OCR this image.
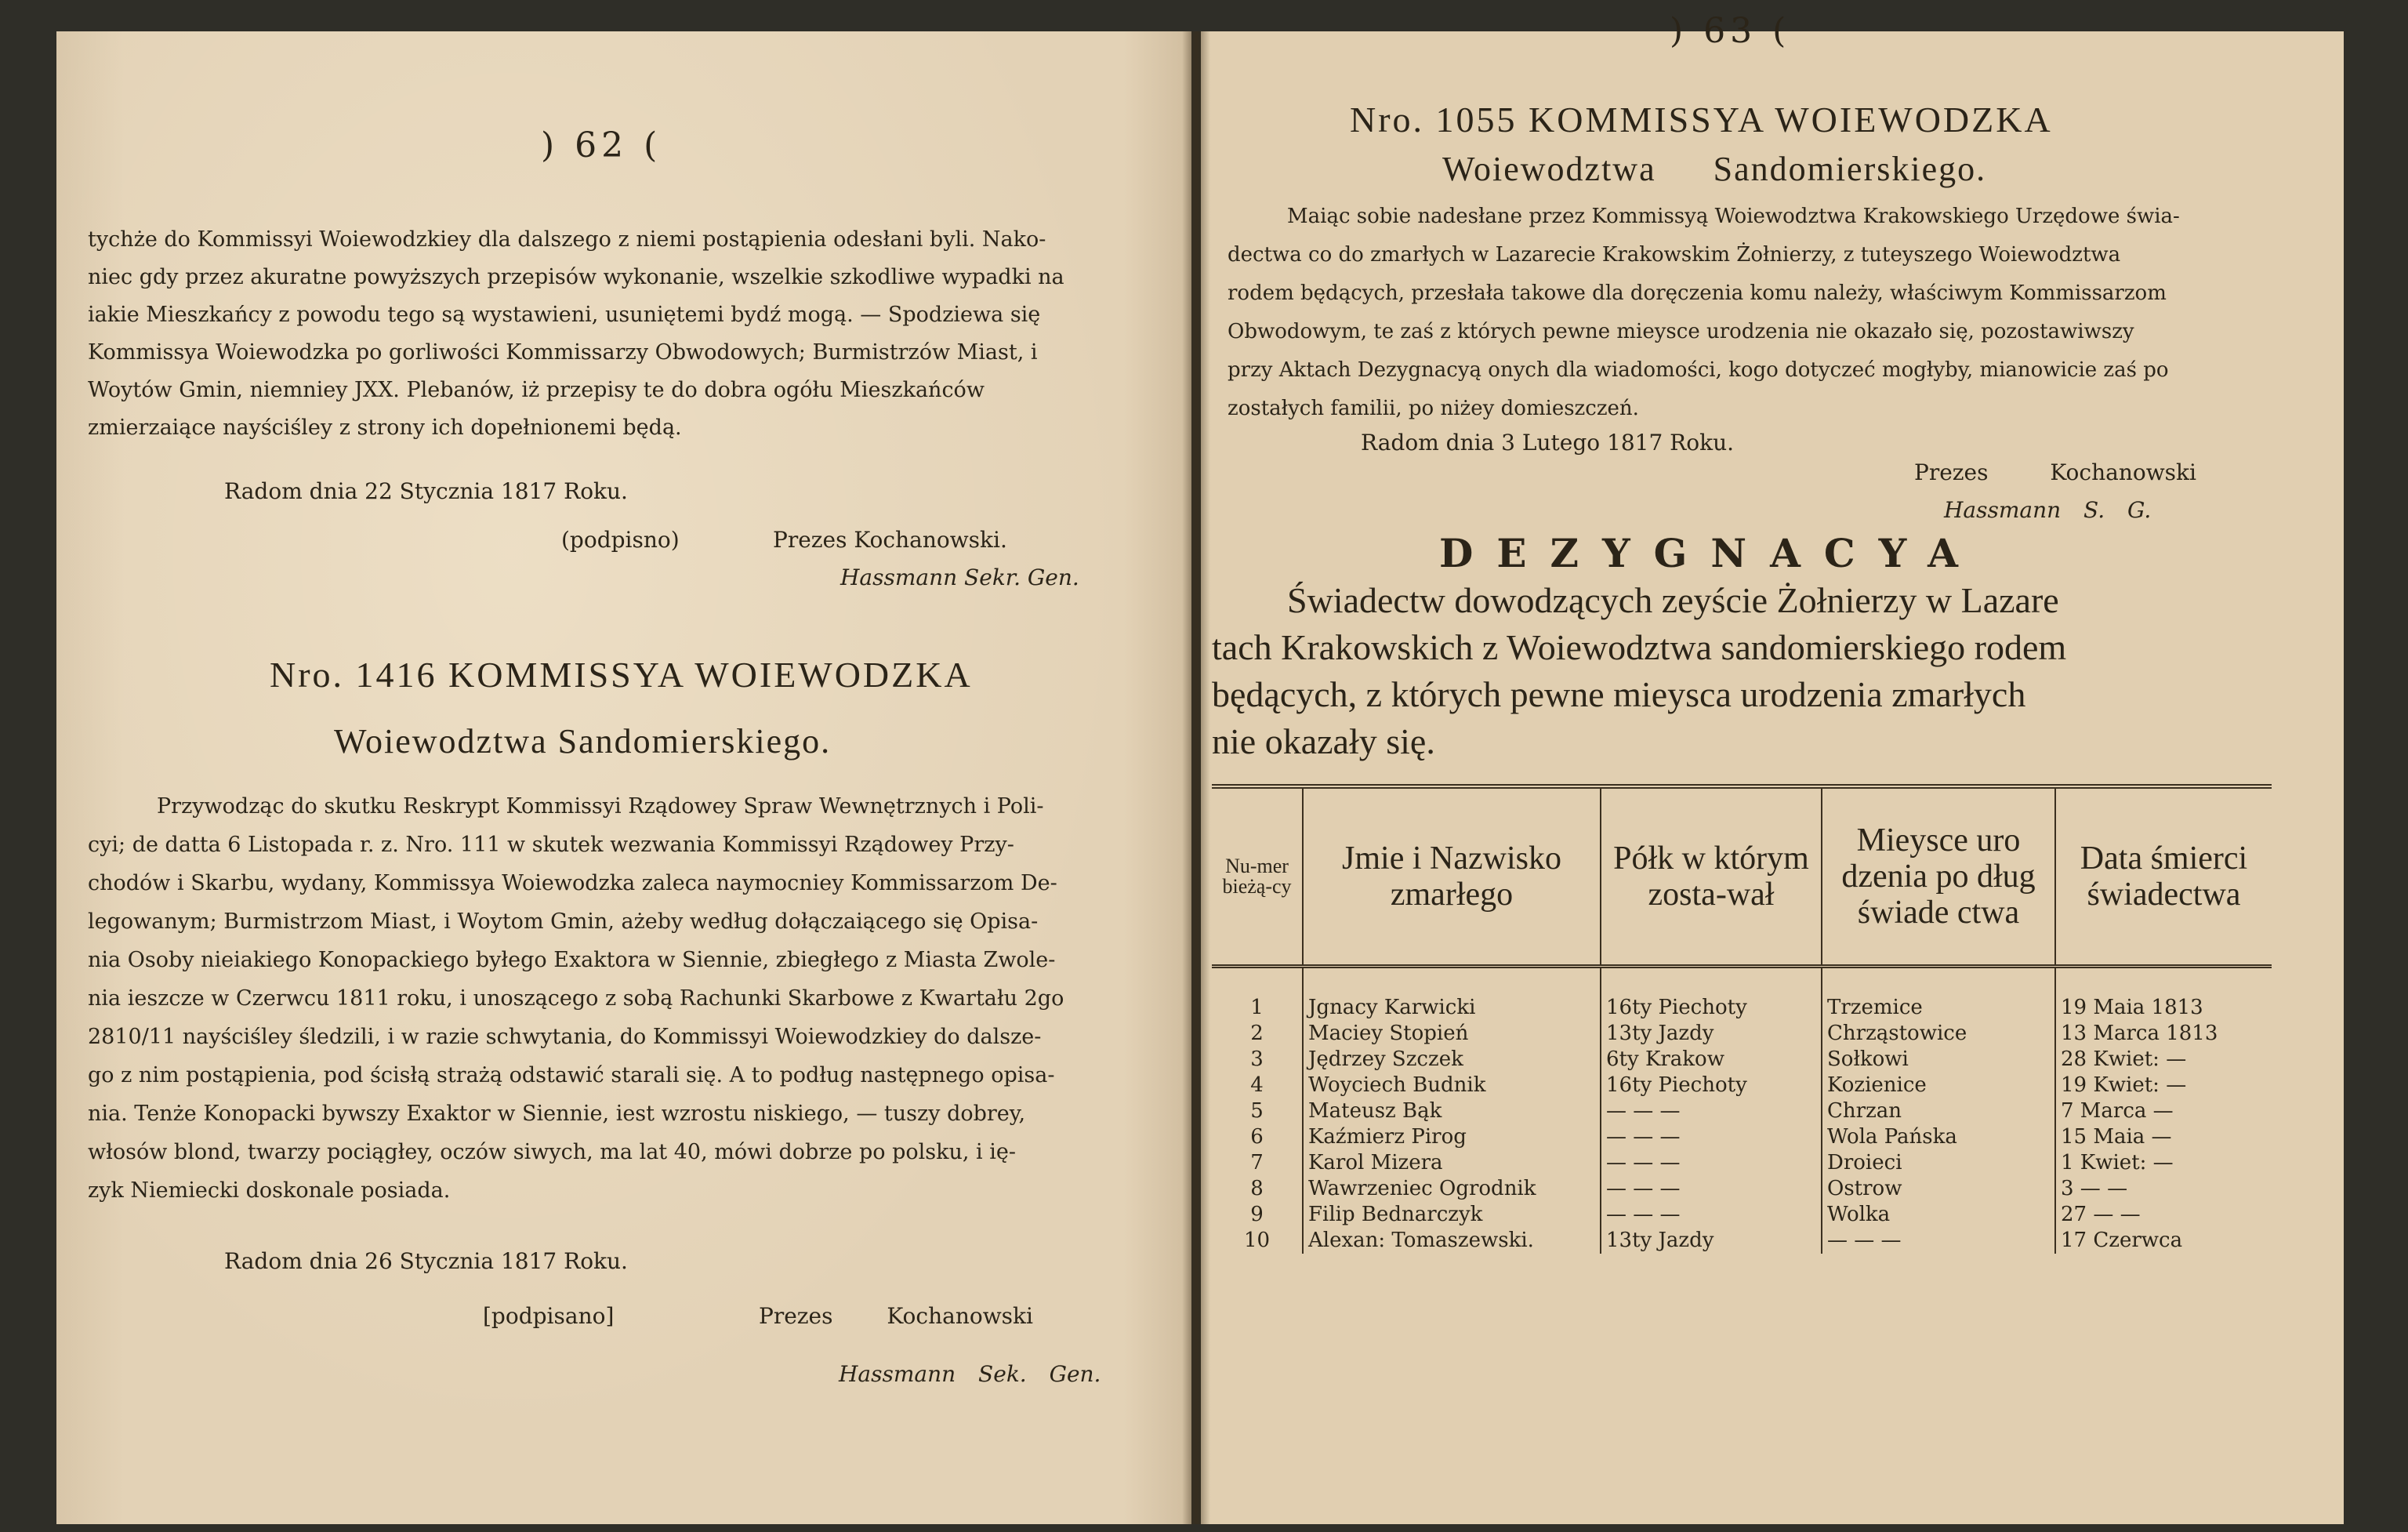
) 62 (
tychże do Kommissyi Woiewodzkiey dla dalszego z niemi postąpienia odesłani byli. Nako-
niec gdy przez akuratne powyższych przepisów wykonanie, wszelkie szkodliwe wypadki na
iakie Mieszkańcy z powodu tego są wystawieni, usuniętemi bydź mogą. — Spodziewa się
Kommissya Woiewodzka po gorliwości Kommissarzy Obwodowych; Burmistrzów Miast, i
Woytów Gmin, niemniey JXX. Plebanów, iż przepisy te do dobra ogółu Mieszkańców
zmierzaiące nayściśley z strony ich dopełnionemi będą.
Radom dnia 22 Stycznia 1817 Roku.
(podpisno)	Prezes Kochanowski.
Hassmann Sekr. Gen.
Nro. 1416 KOMMISSYA WOIEWODZKA
Woiewodztwa Sandomierskiego.
Przywodząc do skutku Reskrypt Kommissyi Rządowey Spraw Wewnętrznych i Poli-
cyi; de datta 6 Listopada r. z. Nro. 111 w skutek wezwania Kommissyi Rządowey Przy-
chodów i Skarbu, wydany, Kommissya Woiewodzka zaleca naymocniey Kommissarzom De-
legowanym; Burmistrzom Miast, i Woytom Gmin, ażeby według dołączaiącego się Opisa-
nia Osoby nieiakiego Konopackiego byłego Exaktora w Siennie, zbiegłego z Miasta Zwole-
nia ieszcze w Czerwcu 1811 roku, i unoszącego z sobą Rachunki Skarbowe z Kwartału 2go
2810/11 nayściśley śledzili, i w razie schwytania, do Kommissyi Woiewodzkiey do dalsze-
go z nim postąpienia, pod ścisłą strażą odstawić starali się. A to podług następnego opisa-
nia. Tenże Konopacki bywszy Exaktor w Siennie, iest wzrostu niskiego, — tuszy dobrey,
włosów blond, twarzy pociągłey, oczów siwych, ma lat 40, mówi dobrze po polsku, i ię-
zyk Niemiecki doskonale posiada.
Radom dnia 26 Stycznia 1817 Roku.
[podpisano]	Prezes Kochanowski
Hassmann Sek. Gen.
) 63 (
Nro. 1055 KOMMISSYA WOIEWODZKA
Woiewodztwa Sandomierskiego.
Maiąc sobie nadesłane przez Kommissyą Woiewodztwa Krakowskiego Urzędowe świa-
dectwa co do zmarłych w Lazarecie Krakowskim Żołnierzy, z tuteyszego Woiewodztwa
rodem będących, przesłała takowe dla doręczenia komu należy, właściwym Kommissarzom
Obwodowym, te zaś z których pewne mieysce urodzenia nie okazało się, pozostawiwszy
przy Aktach Dezygnacyą onych dla wiadomości, kogo dotyczeć mogłyby, mianowicie zaś po
zostałych familii, po niżey domieszczeń.
Radom dnia 3 Lutego 1817 Roku.
Prezes Kochanowski
Hassmann S. G.
DEZYGNACYA
Świadectw dowodzących zeyście Żołnierzy w Lazare
tach Krakowskich z Woiewodztwa sandomierskiego rodem
będących, z których pewne mieysca urodzenia zmarłych
nie okazały się.
Nu-mer bieżą-cy	Jmie i Nazwisko zmarłego	Półk w którym zosta-wał	Mieysce uro dzenia po dług świade ctwa	Data śmierci świadectwa
1	Jgnacy Karwicki	16ty Piechoty	Trzemice	19 Maia 1813
2	Maciey Stopień	13ty Jazdy	Chrząstowice	13 Marca 1813
3	Jędrzey Szczek	6ty Krakow	Sołkowi	28 Kwiet: —
4	Woyciech Budnik	16ty Piechoty	Kozienice	19 Kwiet: —
5	Mateusz Bąk	— — —	Chrzan	7 Marca —
6	Kaźmierz Pirog	— — —	Wola Pańska	15 Maia —
7	Karol Mizera	— — —	Droieci	1 Kwiet: —
8	Wawrzeniec Ogrodnik	— — —	Ostrow	3 — —
9	Filip Bednarczyk	— — —	Wolka	27 — —
10	Alexan: Tomaszewski.	13ty Jazdy	— — —	17 Czerwca
